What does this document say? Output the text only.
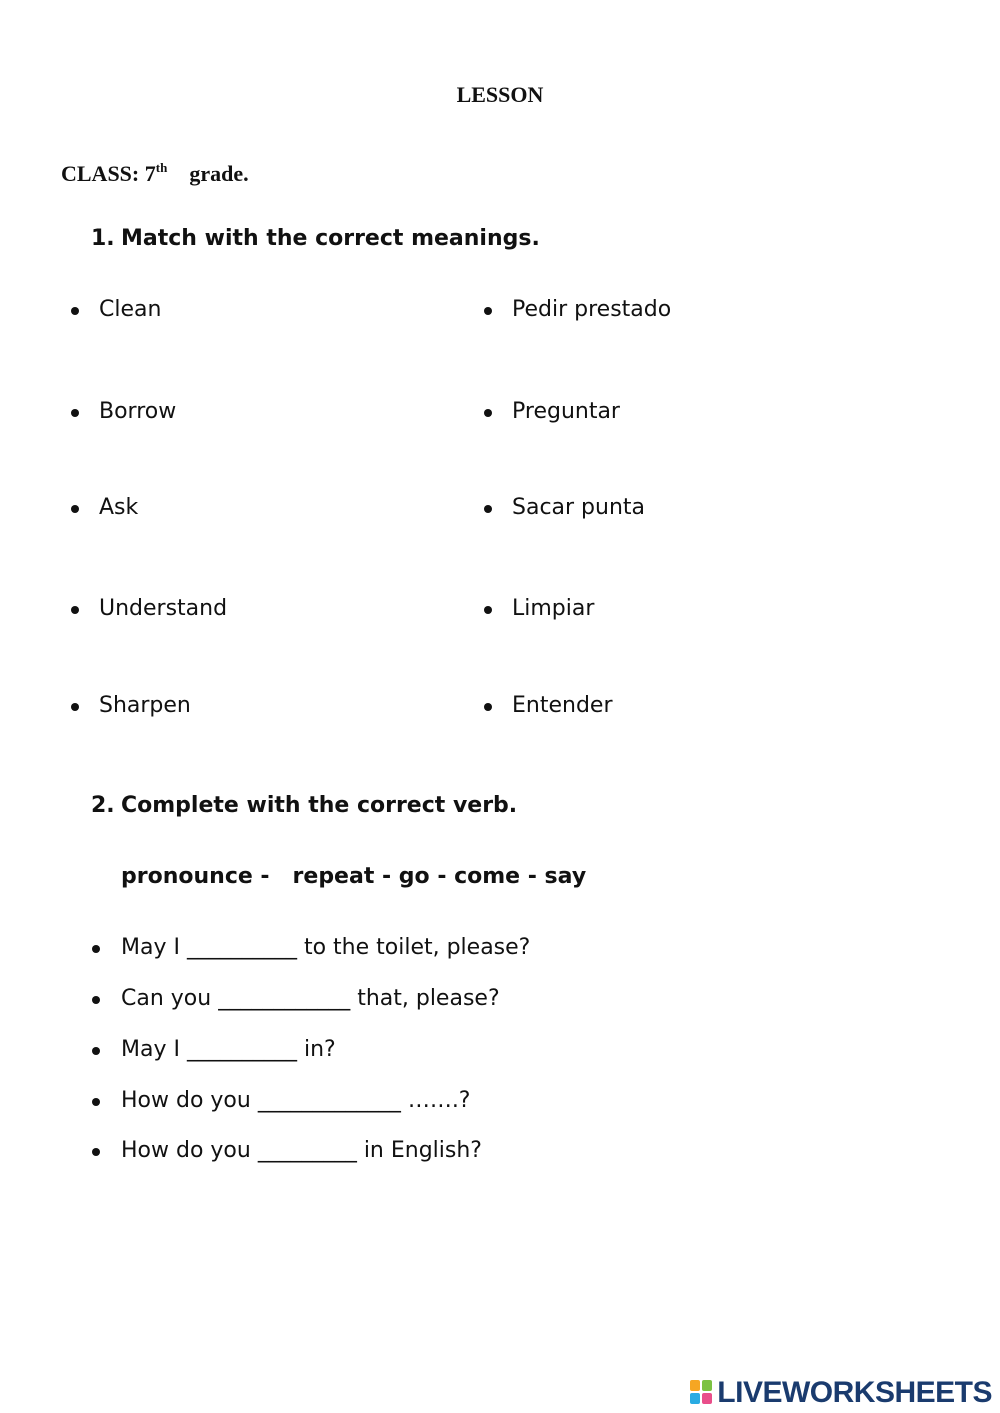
LESSON
CLASS: 7th grade.
1. Match with the correct meanings.
Clean
Borrow
Ask
Understand
Sharpen
Pedir prestado
Preguntar
Sacar punta
Limpiar
Entender
2. Complete with the correct verb.
pronounce -   repeat - go - come - say
May I __________ to the toilet, please?
Can you ____________ that, please?
May I __________ in?
How do you _____________ …….?
How do you _________ in English?
LIVEWORKSHEETS
